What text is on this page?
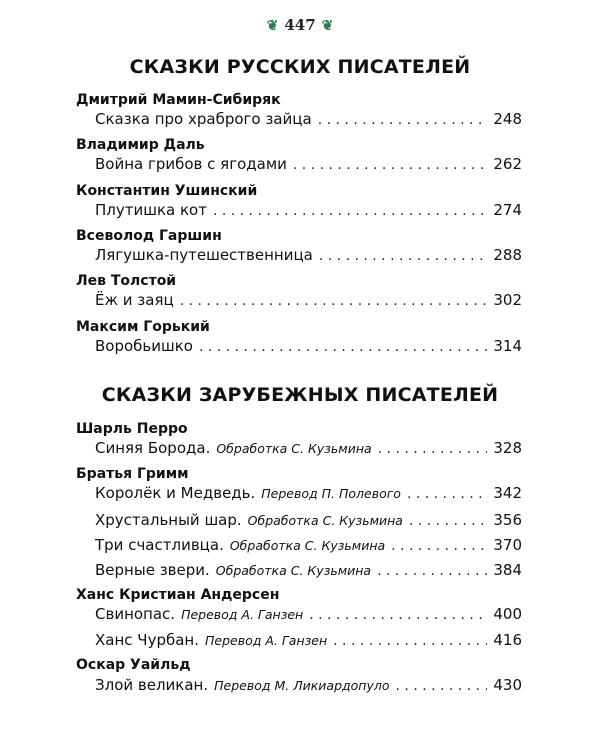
❦ 447 ❦
СКАЗКИ РУССКИХ ПИСАТЕЛЕЙ
Дмитрий Мамин-Сибиряк
Сказка про храброго зайца . . .	248
Владимир Даль
Война грибов с ягодами . . .	262
Константин Ушинский
Плутишка кот . . .	274
Всеволод Гаршин
Лягушка-путешественница . . .	288
Лев Толстой
Ёж и заяц . . .	302
Максим Горький
Воробьишко . . .	314
СКАЗКИ ЗАРУБЕЖНЫХ ПИСАТЕЛЕЙ
Шарль Перро
Синяя Борода. Обработка С. Кузьмина . . .	328
Братья Гримм
Королёк и Медведь. Перевод П. Полевого . . .	342
Хрустальный шар. Обработка С. Кузьмина . . .	356
Три счастливца. Обработка С. Кузьмина . . .	370
Верные звери. Обработка С. Кузьмина . . .	384
Ханс Кристиан Андерсен
Свинопас. Перевод А. Ганзен . . .	400
Ханс Чурбан. Перевод А. Ганзен . . .	416
Оскар Уайльд
Злой великан. Перевод М. Ликиардопуло . . .	430
